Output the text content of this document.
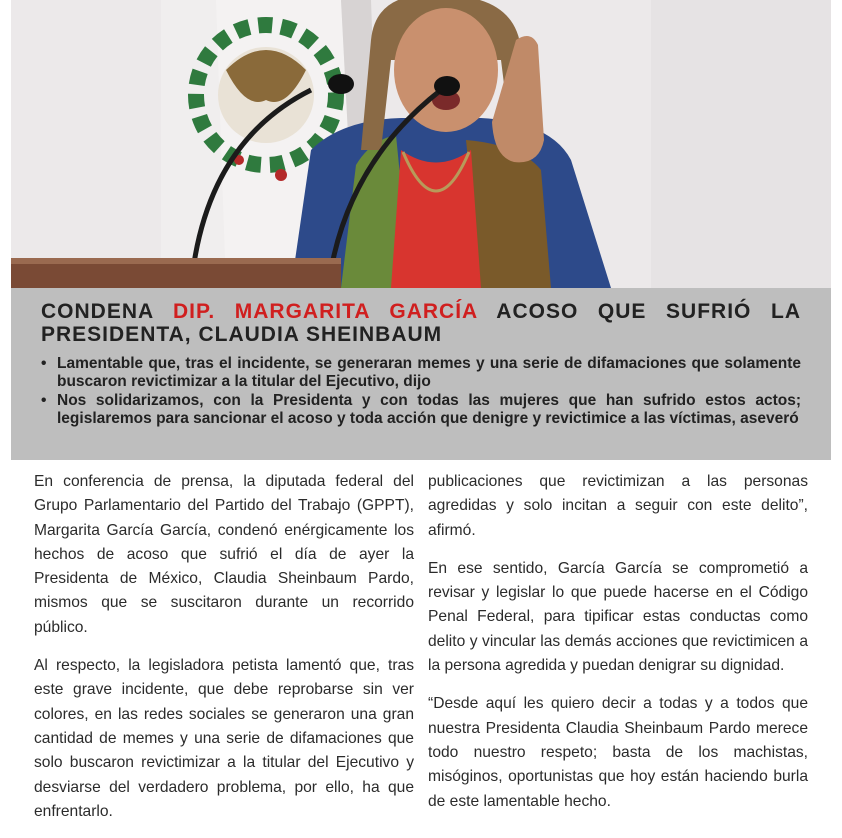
CONDENA DIP. MARGARITA GARCÍA ACOSO QUE SUFRIÓ LA PRESIDENTA, CLAUDIA SHEINBAUM
• Lamentable que, tras el incidente, se generaran memes y una serie de difamaciones que solamente buscaron revictimizar a la titular del Ejecutivo, dijo
• Nos solidarizamos, con la Presidenta y con todas las mujeres que han sufrido estos actos; legislaremos para sancionar el acoso y toda acción que denigre y revictimice a las víctimas, aseveró

En conferencia de prensa, la diputada federal del Grupo Parlamentario del Partido del Trabajo (GPPT), Margarita García García, condenó enérgicamente los hechos de acoso que sufrió el día de ayer la Presidenta de México, Claudia Sheinbaum Pardo, mismos que se suscitaron durante un recorrido público.

Al respecto, la legisladora petista lamentó que, tras este grave incidente, que debe reprobarse sin ver colores, en las redes sociales se generaron una gran cantidad de memes y una serie de difamaciones que solo buscaron revictimizar a la titular del Ejecutivo y desviarse del verdadero problema, por ello, ha que enfrentarlo.

publicaciones que revictimizan a las personas agredidas y solo incitan a seguir con este delito”, afirmó.

En ese sentido, García García se comprometió a revisar y legislar lo que puede hacerse en el Código Penal Federal, para tipificar estas conductas como delito y vincular las demás acciones que revictimicen a la persona agredida y puedan denigrar su dignidad.

“Desde aquí les quiero decir a todas y a todos que nuestra Presidenta Claudia Sheinbaum Pardo merece todo nuestro respeto; basta de los machistas, misóginos, oportunistas que hoy están haciendo burla de este lamentable hecho.
